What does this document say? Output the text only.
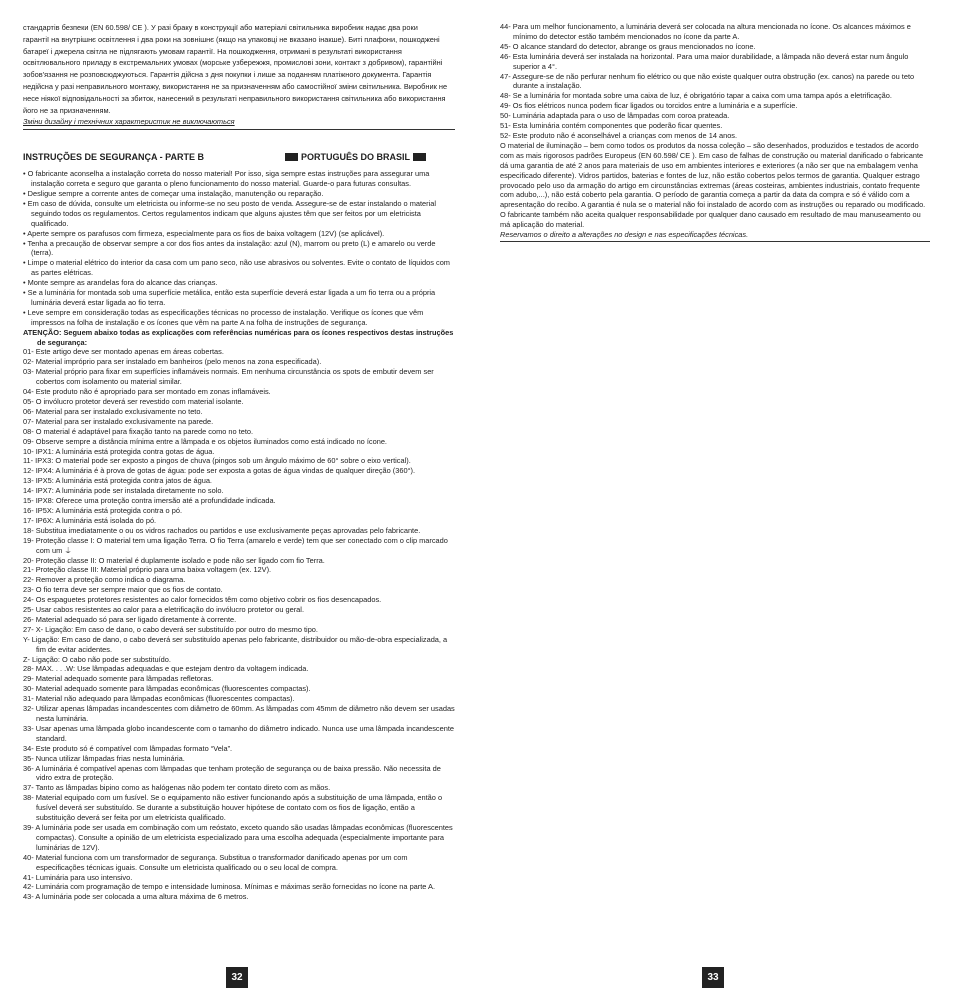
стандартів безпеки (EN 60.598/ CE ). У разі браку в конструкції або матеріалі світильника виробник надає два роки
гарантії на внутрішнє освітлення і два роки на зовнішнє (якщо на упаковці не вказано інакше). Биті плафони, пошкоджені
батареї і джерела світла не підлягають умовам гарантії. На пошкодження, отримані в результаті використання
освітлювального приладу в екстремальних умовах (морське узбережжя, промислові зони, контакт з добривом), гарантійні
зобов'язання не розповсюджуються. Гарантія дійсна з дня покупки і лише за поданням платіжного документа. Гарантія
недійсна у разі неправильного монтажу, використання не за призначенням або самостійної зміни світильника. Виробник не
несе ніякої відповідальності за збиток, нанесений в результаті неправильного використання світильника або використання
його не за призначенням.
Зміни дизайну і технічних характеристик не виключаються
INSTRUÇÕES DE SEGURANÇA - PARTE B	PORTUGUÊS DO BRASIL
• O fabricante aconselha a instalação correta do nosso material! Por isso, siga sempre estas instruções para assegurar uma instalação correta e seguro que garanta o pleno funcionamento do nosso material. Guarde-o para futuras consultas.
• Desligue sempre a corrente antes de começar uma instalação, manutenção ou reparação.
• Em caso de dúvida, consulte um eletricista ou informe-se no seu posto de venda. Assegure-se de estar instalando o material seguindo todos os regulamentos. Certos regulamentos indicam que alguns ajustes têm que ser feitos por um eletricista qualificado.
• Aperte sempre os parafusos com firmeza, especialmente para os fios de baixa voltagem (12V) (se aplicável).
• Tenha a precaução de observar sempre a cor dos fios antes da instalação: azul (N), marrom ou preto (L) e amarelo ou verde (terra).
• Limpe o material elétrico do interior da casa com um pano seco, não use abrasivos ou solventes. Evite o contato de líquidos com as partes elétricas.
• Monte sempre as arandelas fora do alcance das crianças.
• Se a luminária for montada sob uma superfície metálica, então esta superfície deverá estar ligada a um fio terra ou a própria luminária deverá estar ligada ao fio terra.
• Leve sempre em consideração todas as especificações técnicas no processo de instalação. Verifique os ícones que vêm impressos na folha de instalação e os ícones que vêm na parte A na folha de instruções de segurança.
ATENÇÃO: Seguem abaixo todas as explicações com referências numéricas para os ícones respectivos destas instruções de segurança:
01- Este artigo deve ser montado apenas em áreas cobertas.
02- Material impróprio para ser instalado em banheiros (pelo menos na zona especificada).
03- Material próprio para fixar em superfícies inflamáveis normais. Em nenhuma circunstância os spots de embutir devem ser cobertos com isolamento ou material similar.
04- Este produto não é apropriado para ser montado em zonas inflamáveis.
05- O invólucro protetor deverá ser revestido com material isolante.
06- Material para ser instalado exclusivamente no teto.
07- Material para ser instalado exclusivamente na parede.
08- O material é adaptável para fixação tanto na parede como no teto.
09- Observe sempre a distância mínima entre a lâmpada e os objetos iluminados como está indicado no ícone.
10- IPX1: A luminária está protegida contra gotas de água.
11- IPX3: O material pode ser exposto a pingos de chuva (pingos sob um ângulo máximo de 60° sobre o eixo vertical).
12- IPX4: A luminária é à prova de gotas de água: pode ser exposta a gotas de água vindas de qualquer direção (360°).
13- IPX5: A luminária está protegida contra jatos de água.
14- IPX7: A luminária pode ser instalada diretamente no solo.
15- IPX8: Oferece uma proteção contra imersão até a profundidade indicada.
16- IP5X: A luminária está protegida contra o pó.
17- IP6X: A luminária está isolada do pó.
18- Substitua imediatamente o ou os vidros rachados ou partidos e use exclusivamente peças aprovadas pelo fabricante.
19- Proteção classe I: O material tem uma ligação Terra. O fio Terra (amarelo e verde) tem que ser conectado com o clip marcado com um ⏚
20- Proteção classe II: O material é duplamente isolado e pode não ser ligado com fio Terra.
21- Proteção classe III: Material próprio para uma baixa voltagem (ex. 12V).
22- Remover a proteção como indica o diagrama.
23- O fio terra deve ser sempre maior que os fios de contato.
24- Os espaguetes protetores resistentes ao calor fornecidos têm como objetivo cobrir os fios desencapados.
25- Usar cabos resistentes ao calor para a eletrificação do invólucro protetor ou geral.
26- Material adequado só para ser ligado diretamente à corrente.
27- X- Ligação: Em caso de dano, o cabo deverá ser substituído por outro do mesmo tipo.
Y- Ligação: Em caso de dano, o cabo deverá ser substituído apenas pelo fabricante, distribuidor ou mão-de-obra especializada, a fim de evitar acidentes.
Z- Ligação: O cabo não pode ser substituído.
28- MAX. . . .W: Use lâmpadas adequadas e que estejam dentro da voltagem indicada.
29- Material adequado somente para lâmpadas refletoras.
30- Material adequado somente para lâmpadas econômicas (fluorescentes compactas).
31- Material não adequado para lâmpadas econômicas (fluorescentes compactas).
32- Utilizar apenas lâmpadas incandescentes com diâmetro de 60mm. As lâmpadas com 45mm de diâmetro não devem ser usadas nesta luminária.
33- Usar apenas uma lâmpada globo incandescente com o tamanho do diâmetro indicado. Nunca use uma lâmpada incandescente standard.
34- Este produto só é compatível com lâmpadas formato “Vela”.
35- Nunca utilizar lâmpadas frias nesta luminária.
36- A luminária é compatível apenas com lâmpadas que tenham proteção de segurança ou de baixa pressão. Não necessita de vidro extra de proteção.
37- Tanto as lâmpadas bipino como as halógenas não podem ter contato direto com as mãos.
38- Material equipado com um fusível. Se o equipamento não estiver funcionando após a substituição de uma lâmpada, então o fusível deverá ser substituído. Se durante a substituição houver hipótese de contato com os fios de ligação, então a substituição deverá ser feita por um eletricista qualificado.
39- A luminária pode ser usada em combinação com um reóstato, exceto quando são usadas lâmpadas econômicas (fluorescentes compactas). Consulte a opinião de um eletricista especializado para uma escolha adequada (especialmente importante para luminárias de 12V).
40- Material funciona com um transformador de segurança. Substitua o transformador danificado apenas por um com especificações técnicas iguais. Consulte um eletricista qualificado ou o seu local de compra.
41- Luminária para uso intensivo.
42- Luminária com programação de tempo e intensidade luminosa. Mínimas e máximas serão fornecidas no ícone na parte A.
43- A luminária pode ser colocada a uma altura máxima de 6 metros.
44- Para um melhor funcionamento, a luminária deverá ser colocada na altura mencionada no ícone. Os alcances máximos e mínimo do detector estão também mencionados no ícone da parte A.
45- O alcance standard do detector, abrange os graus mencionados no ícone.
46- Esta luminária deverá ser instalada na horizontal. Para uma maior durabilidade, a lâmpada não deverá estar num ângulo superior a 4°.
47- Assegure-se de não perfurar nenhum fio elétrico ou que não existe qualquer outra obstrução (ex. canos) na parede ou teto durante a instalação.
48- Se a luminária for montada sobre uma caixa de luz, é obrigatório tapar a caixa com uma tampa após a eletrificação.
49- Os fios elétricos nunca podem ficar ligados ou torcidos entre a luminária e a superfície.
50- Luminária adaptada para o uso de lâmpadas com coroa prateada.
51- Esta luminária contém componentes que poderão ficar quentes.
52- Este produto não é aconselhável a crianças com menos de 14 anos.
O material de iluminação – bem como todos os produtos da nossa coleção – são desenhados, produzidos e testados de acordo com as mais rigorosos padrões Europeus (EN 60.598/ CE ). Em caso de falhas de construção ou material danificado o fabricante dá uma garantia de até 2 anos para materiais de uso em ambientes interiores e exteriores (a não ser que na embalagem venha especificado diferente). Vidros partidos, baterias e fontes de luz, não estão cobertos pelos termos de garantia. Qualquer estrago provocado pelo uso da armação do artigo em circunstâncias extremas (áreas costeiras, ambientes industriais, contato frequente com adubo,...), não está coberto pela garantia. O período de garantia começa a partir da data da compra e só é válido com a apresentação do recibo. A garantia é nula se o material não foi instalado de acordo com as instruções ou reparado ou modificado. O fabricante também não aceita qualquer responsabilidade por qualquer dano causado em resultado de mau manuseamento ou má aplicação do material.
Reservamos o direito a alterações no design e nas especificações técnicas.
32	33
